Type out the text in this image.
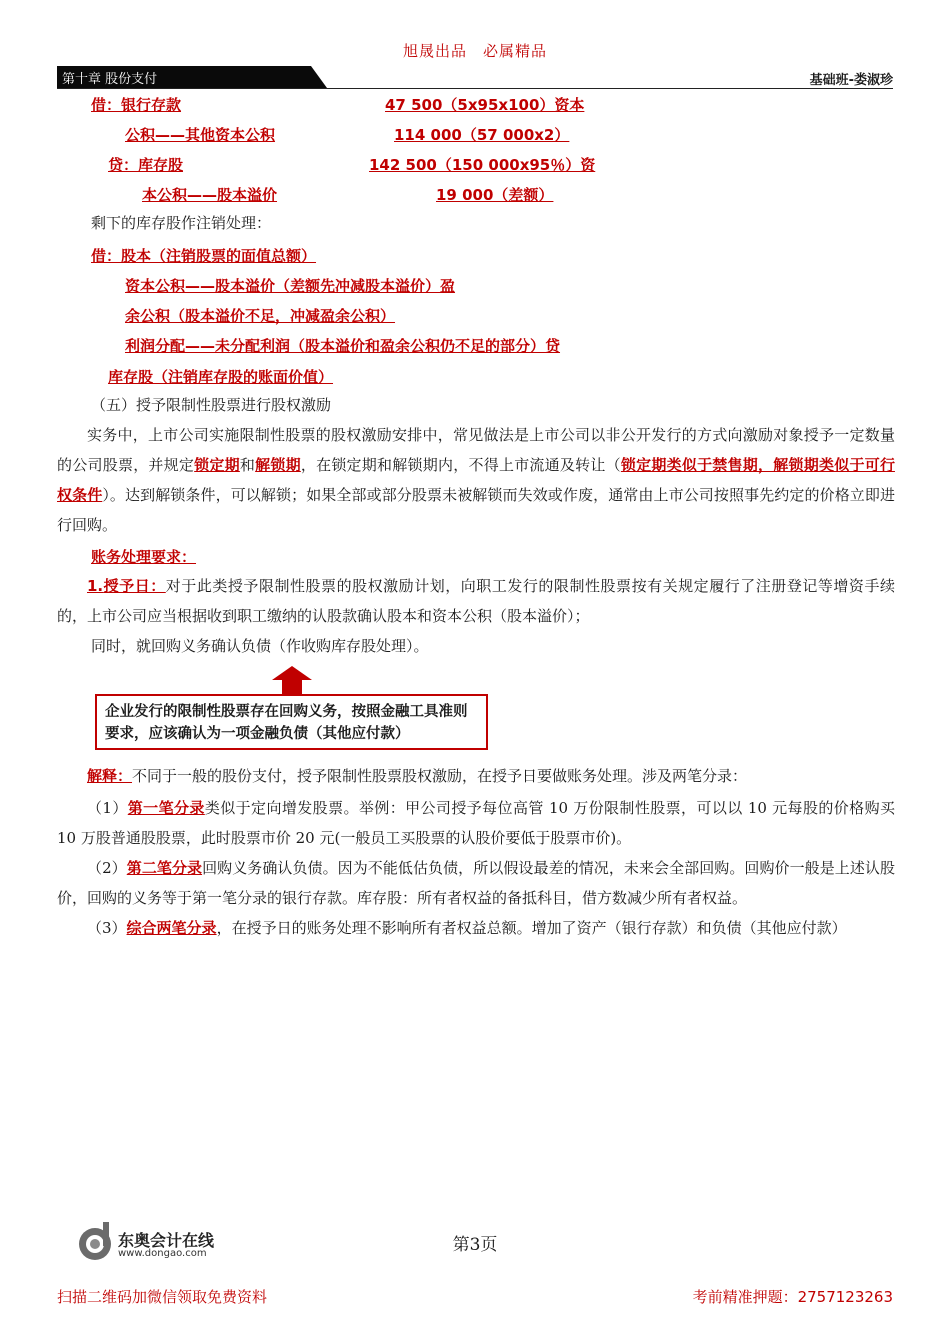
旭晟出品　必属精品
第十章 股份支付	基础班-娄淑珍
借：银行存款	47 500（5x95x100）资本
公积——其他资本公积	114 000（57 000x2）
贷：库存股	142 500（150 000x95％）资
本公积——股本溢价	19 000（差额）
剩下的库存股作注销处理：
借：股本（注销股票的面值总额）
资本公积——股本溢价（差额先冲减股本溢价）盈
余公积（股本溢价不足，冲减盈余公积）
利润分配——未分配利润（股本溢价和盈余公积仍不足的部分）贷
库存股（注销库存股的账面价值）
（五）授予限制性股票进行股权激励
实务中，上市公司实施限制性股票的股权激励安排中，常见做法是上市公司以非公开发行的方式向激励对象授予一定数量的公司股票，并规定锁定期和解锁期，在锁定期和解锁期内，不得上市流通及转让（锁定期类似于禁售期，解锁期类似于可行权条件）。达到解锁条件，可以解锁；如果全部或部分股票未被解锁而失效或作废，通常由上市公司按照事先约定的价格立即进行回购。
账务处理要求：
1.授予日：对于此类授予限制性股票的股权激励计划，向职工发行的限制性股票按有关规定履行了注册登记等增资手续的，上市公司应当根据收到职工缴纳的认股款确认股本和资本公积（股本溢价）；
同时，就回购义务确认负债（作收购库存股处理）。
企业发行的限制性股票存在回购义务，按照金融工具准则要求，应该确认为一项金融负债（其他应付款）
解释：不同于一般的股份支付，授予限制性股票股权激励，在授予日要做账务处理。涉及两笔分录：
（1）第一笔分录类似于定向增发股票。举例：甲公司授予每位高管 10 万份限制性股票，可以以 10 元每股的价格购买 10 万股普通股股票，此时股票市价 20 元(一般员工买股票的认股价要低于股票市价)。
（2）第二笔分录回购义务确认负债。因为不能低估负债，所以假设最差的情况，未来会全部回购。回购价一般是上述认股价，回购的义务等于第一笔分录的银行存款。库存股：所有者权益的备抵科目，借方数减少所有者权益。
（3）综合两笔分录，在授予日的账务处理不影响所有者权益总额。增加了资产（银行存款）和负债（其他应付款）
东奥会计在线
www.dongao.com	第3页
扫描二维码加微信领取免费资料	考前精准押题：2757123263
